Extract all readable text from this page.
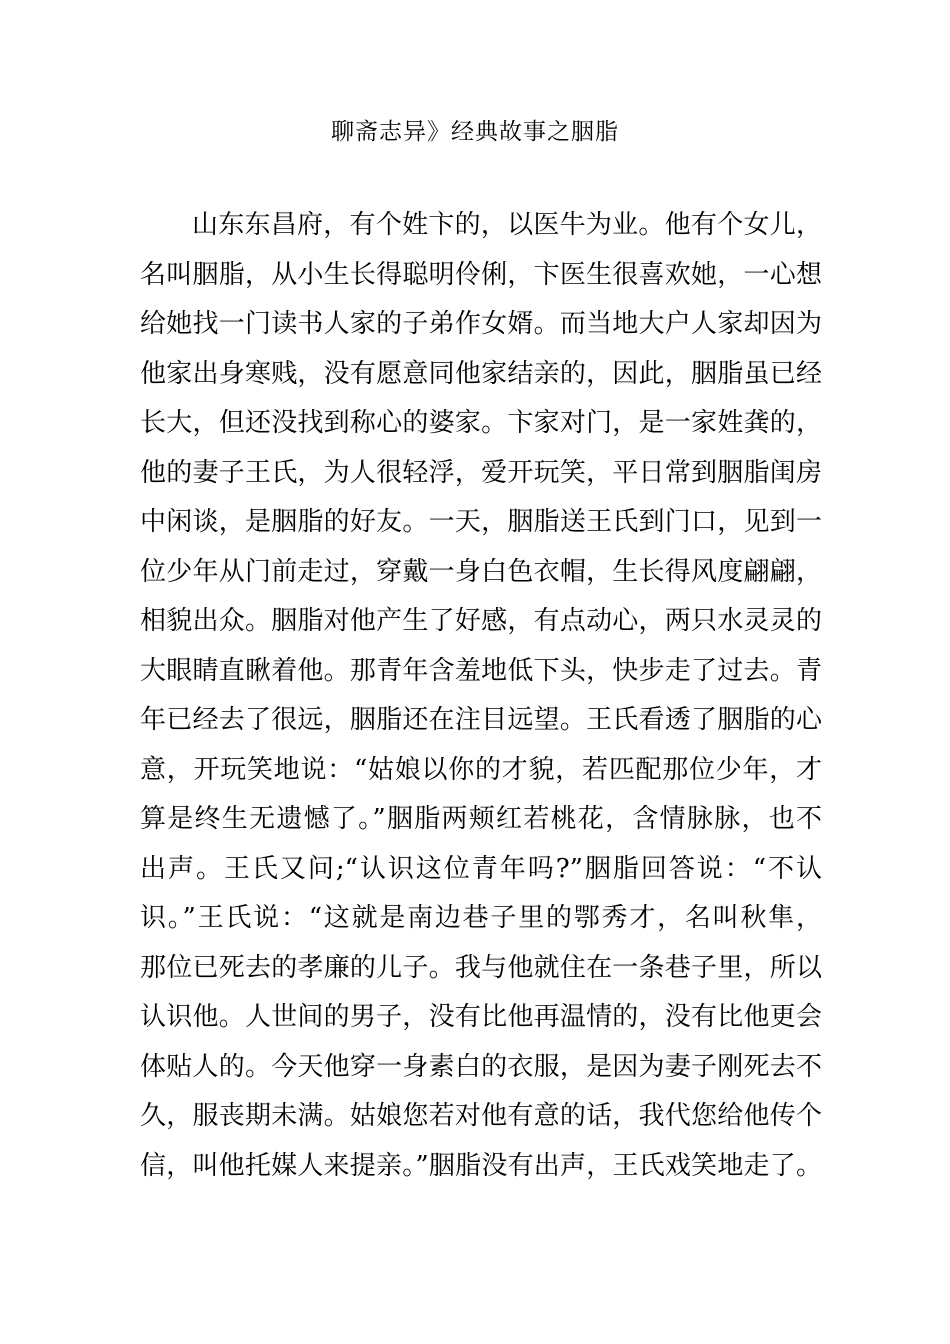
聊斋志异》经典故事之胭脂
山东东昌府，有个姓卞的，以医牛为业。他有个女儿，
名叫胭脂，从小生长得聪明伶俐，卞医生很喜欢她，一心想
给她找一门读书人家的子弟作女婿。而当地大户人家却因为
他家出身寒贱，没有愿意同他家结亲的，因此，胭脂虽已经
长大，但还没找到称心的婆家。卞家对门，是一家姓龚的，
他的妻子王氏，为人很轻浮，爱开玩笑，平日常到胭脂闺房
中闲谈，是胭脂的好友。一天，胭脂送王氏到门口，见到一
位少年从门前走过，穿戴一身白色衣帽，生长得风度翩翩，
相貌出众。胭脂对他产生了好感，有点动心，两只水灵灵的
大眼睛直瞅着他。那青年含羞地低下头，快步走了过去。青
年已经去了很远，胭脂还在注目远望。王氏看透了胭脂的心
意，开玩笑地说：“姑娘以你的才貌，若匹配那位少年，才
算是终生无遗憾了。”胭脂两颊红若桃花，含情脉脉，也不
出声。王氏又问;“认识这位青年吗?”胭脂回答说：“不认
识。”王氏说：“这就是南边巷子里的鄂秀才，名叫秋隼，
那位已死去的孝廉的儿子。我与他就住在一条巷子里，所以
认识他。人世间的男子，没有比他再温情的，没有比他更会
体贴人的。今天他穿一身素白的衣服，是因为妻子刚死去不
久，服丧期未满。姑娘您若对他有意的话，我代您给他传个
信，叫他托媒人来提亲。”胭脂没有出声，王氏戏笑地走了。
